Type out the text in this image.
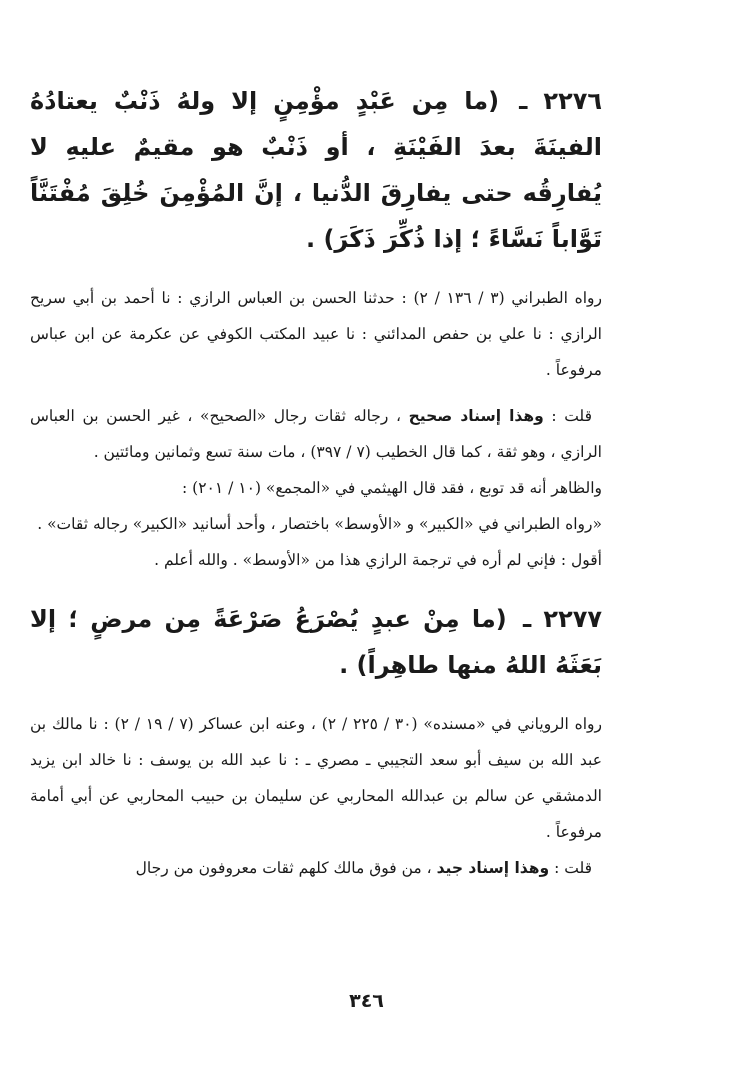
٢٢٧٦ ـ (ما مِن عَبْدٍ مؤْمِنٍ إلا ولهُ ذَنْبٌ يعتادُهُ الفينَةَ بعدَ الفَيْنَةِ ، أو ذَنْبٌ هو مقيمٌ عليهِ لا يُفارِقُه حتى يفارِقَ الدُّنيا ، إنَّ المُؤْمِنَ خُلِقَ مُفْتَنَّاً تَوَّاباً نَسَّاءً ؛ إذا ذُكِّرَ ذَكَرَ) .

رواه الطبراني (٣ / ١٣٦ / ٢) : حدثنا الحسن بن العباس الرازي : نا أحمد بن أبي سريح الرازي : نا علي بن حفص المدائني : نا عبيد المكتب الكوفي عن عكرمة عن ابن عباس مرفوعاً .

قلت : وهذا إسناد صحيح ، رجاله ثقات رجال «الصحيح» ، غير الحسن بن العباس الرازي ، وهو ثقة ، كما قال الخطيب (٧ / ٣٩٧) ، مات سنة تسع وثمانين ومائتين .

والظاهر أنه قد توبع ، فقد قال الهيثمي في «المجمع» (١٠ / ٢٠١) :

«رواه الطبراني في «الكبير» و «الأوسط» باختصار ، وأحد أسانيد «الكبير» رجاله ثقات» .

أقول : فإني لم أره في ترجمة الرازي هذا من «الأوسط» . والله أعلم .

٢٢٧٧ ـ (ما مِنْ عبدٍ يُصْرَعُ صَرْعَةً مِن مرضٍ ؛ إلا بَعَثَهُ اللهُ منها طاهِراً) .

رواه الروياني في «مسنده» (٣٠ / ٢٢٥ / ٢) ، وعنه ابن عساكر (٧ / ١٩ / ٢) : نا مالك بن عبد الله بن سيف أبو سعد التجيبي ـ مصري ـ : نا عبد الله بن يوسف : نا خالد ابن يزيد الدمشقي عن سالم بن عبدالله المحاربي عن سليمان بن حبيب المحاربي عن أبي أمامة مرفوعاً .

قلت : وهذا إسناد جيد ، من فوق مالك كلهم ثقات معروفون من رجال

٣٤٦
